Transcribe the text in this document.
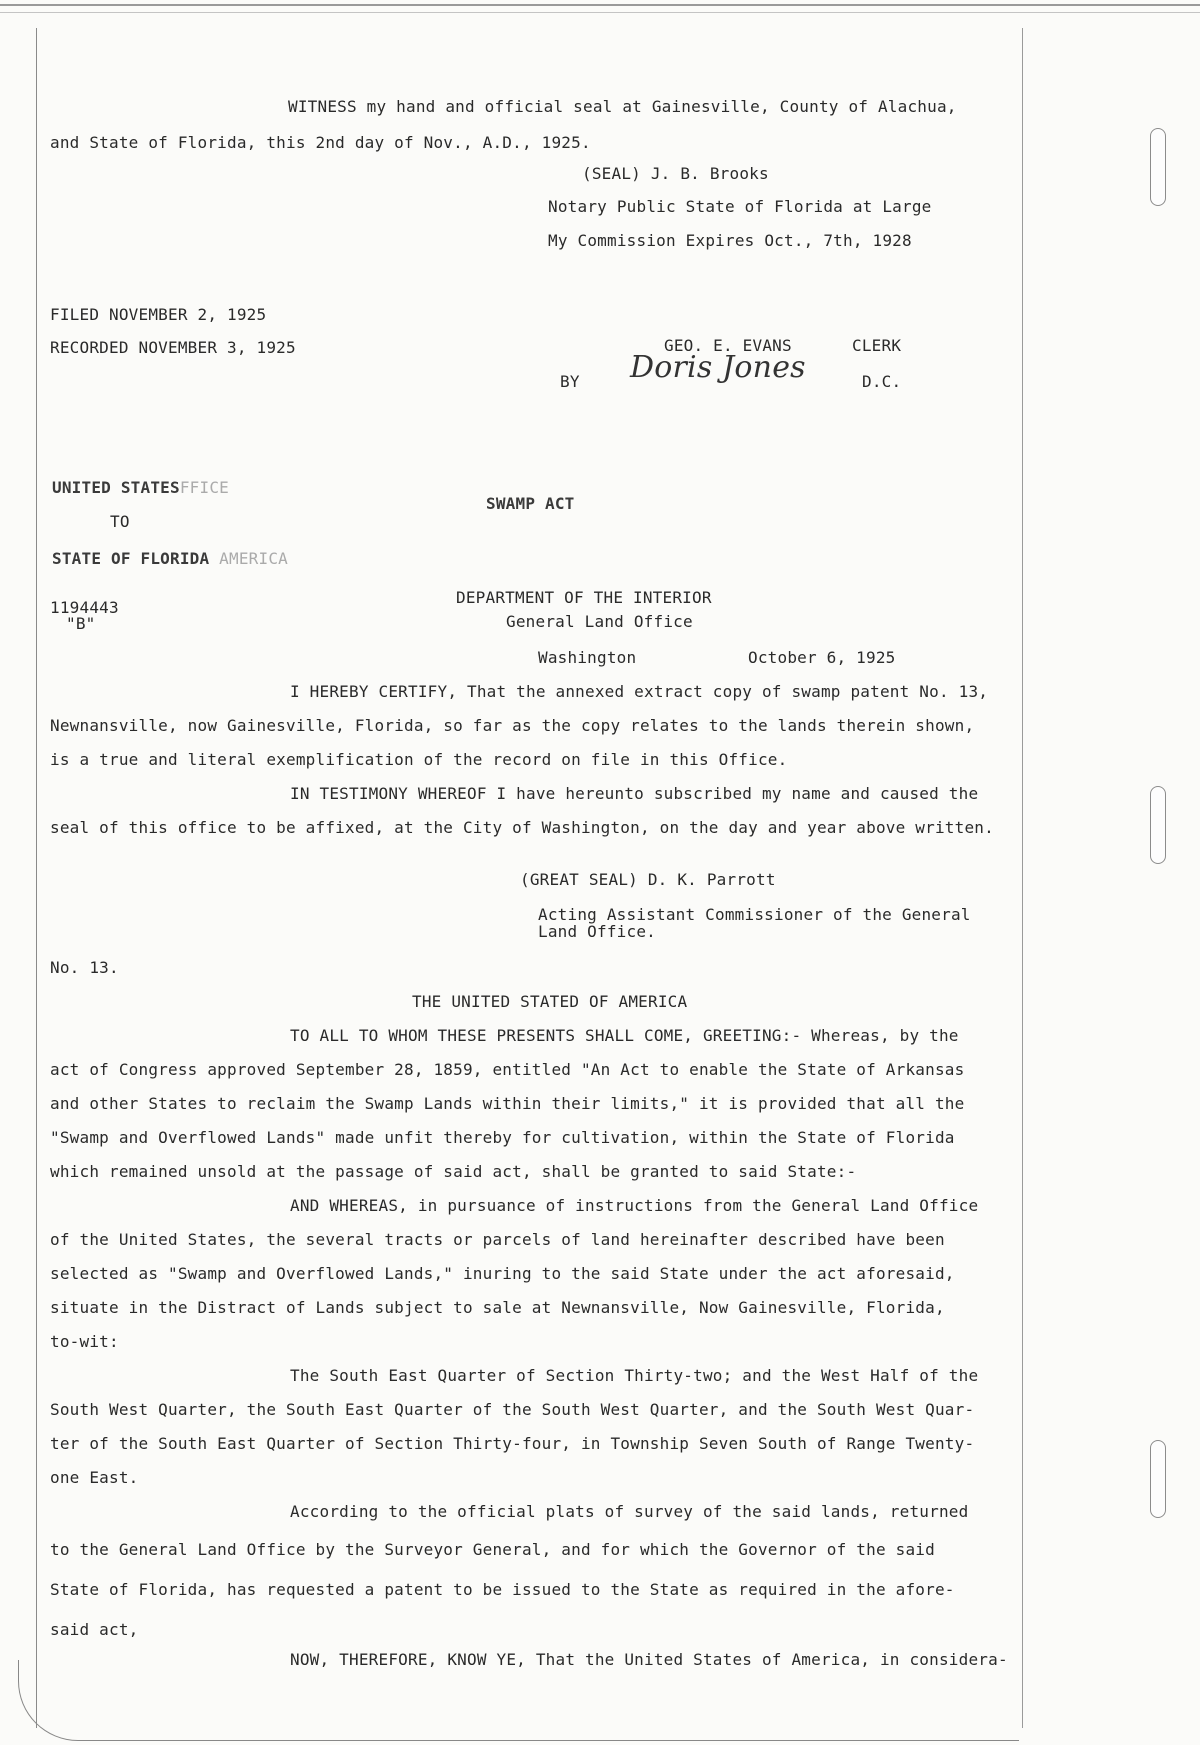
WITNESS my hand and official seal at Gainesville, County of Alachua,
and State of Florida, this 2nd day of Nov., A.D., 1925.
(SEAL) J. B. Brooks
Notary Public State of Florida at Large
My Commission Expires Oct., 7th, 1928
FILED NOVEMBER 2, 1925
RECORDED NOVEMBER 3, 1925	GEO. E. EVANS	CLERK
BY Doris Jones	D.C.
UNITED STATESFFICE
TO
STATE OF FLORIDA AMERICA
SWAMP ACT
1194443
"B"
DEPARTMENT OF THE INTERIOR
General Land Office
Washington	October 6, 1925
I HEREBY CERTIFY, That the annexed extract copy of swamp patent No. 13,
Newnansville, now Gainesville, Florida, so far as the copy relates to the lands therein shown,
is a true and literal exemplification of the record on file in this Office.
IN TESTIMONY WHEREOF I have hereunto subscribed my name and caused the
seal of this office to be affixed, at the City of Washington, on the day and year above written.
(GREAT SEAL) D. K. Parrott
Acting Assistant Commissioner of the General
Land Office.
No. 13.
THE UNITED STATED OF AMERICA
TO ALL TO WHOM THESE PRESENTS SHALL COME, GREETING:- Whereas, by the
act of Congress approved September 28, 1859, entitled "An Act to enable the State of Arkansas
and other States to reclaim the Swamp Lands within their limits," it is provided that all the
"Swamp and Overflowed Lands" made unfit thereby for cultivation, within the State of Florida
which remained unsold at the passage of said act, shall be granted to said State:-
AND WHEREAS, in pursuance of instructions from the General Land Office
of the United States, the several tracts or parcels of land hereinafter described have been
selected as "Swamp and Overflowed Lands," inuring to the said State under the act aforesaid,
situate in the Distract of Lands subject to sale at Newnansville, Now Gainesville, Florida,
to-wit:
The South East Quarter of Section Thirty-two; and the West Half of the
South West Quarter, the South East Quarter of the South West Quarter, and the South West Quar-
ter of the South East Quarter of Section Thirty-four, in Township Seven South of Range Twenty-
one East.
According to the official plats of survey of the said lands, returned
to the General Land Office by the Surveyor General, and for which the Governor of the said
State of Florida, has requested a patent to be issued to the State as required in the afore-
said act,
NOW, THEREFORE, KNOW YE, That the United States of America, in considera-
